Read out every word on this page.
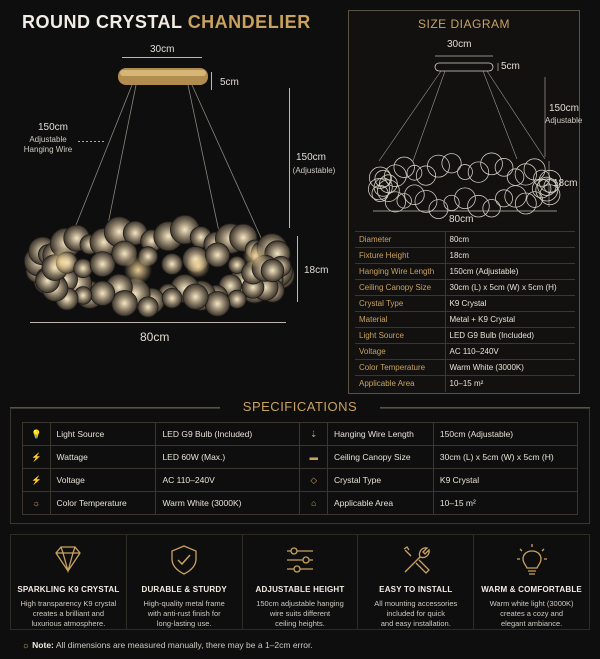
ROUND CRYSTAL CHANDELIER
30cm
5cm
150cm
Adjustable
Hanging Wire
150cm
(Adjustable)
18cm
80cm
SIZE DIAGRAM
30cm
5cm
150cm
Adjustable
18cm
80cm
Diameter	80cm
Fixture Height	18cm
Hanging Wire Length	150cm (Adjustable)
Ceiling Canopy Size	30cm (L) x 5cm (W) x 5cm (H)
Crystal Type	K9 Crystal
Material	Metal + K9 Crystal
Light Source	LED G9 Bulb (Included)
Voltage	AC 110–240V
Color Temperature	Warm White (3000K)
Applicable Area	10–15 m²
SPECIFICATIONS
💡	Light Source	LED G9 Bulb (Included)	⇣	Hanging Wire Length	150cm (Adjustable)
⚡	Wattage	LED 60W (Max.)	▬	Ceiling Canopy Size	30cm (L) x 5cm (W) x 5cm (H)
⚡	Voltage	AC 110–240V	◇	Crystal Type	K9 Crystal
☼	Color Temperature	Warm White (3000K)	⌂	Applicable Area	10–15 m²
SPARKLING K9 CRYSTAL
High transparency K9 crystal
creates a brilliant and
luxurious atmosphere.
DURABLE & STURDY
High-quality metal frame
with anti-rust finish for
long-lasting use.
ADJUSTABLE HEIGHT
150cm adjustable hanging
wire suits different
ceiling heights.
EASY TO INSTALL
All mounting accessories
included for quick
and easy installation.
WARM & COMFORTABLE
Warm white light (3000K)
creates a cozy and
elegant ambiance.
☼ Note: All dimensions are measured manually, there may be a 1–2cm error.
